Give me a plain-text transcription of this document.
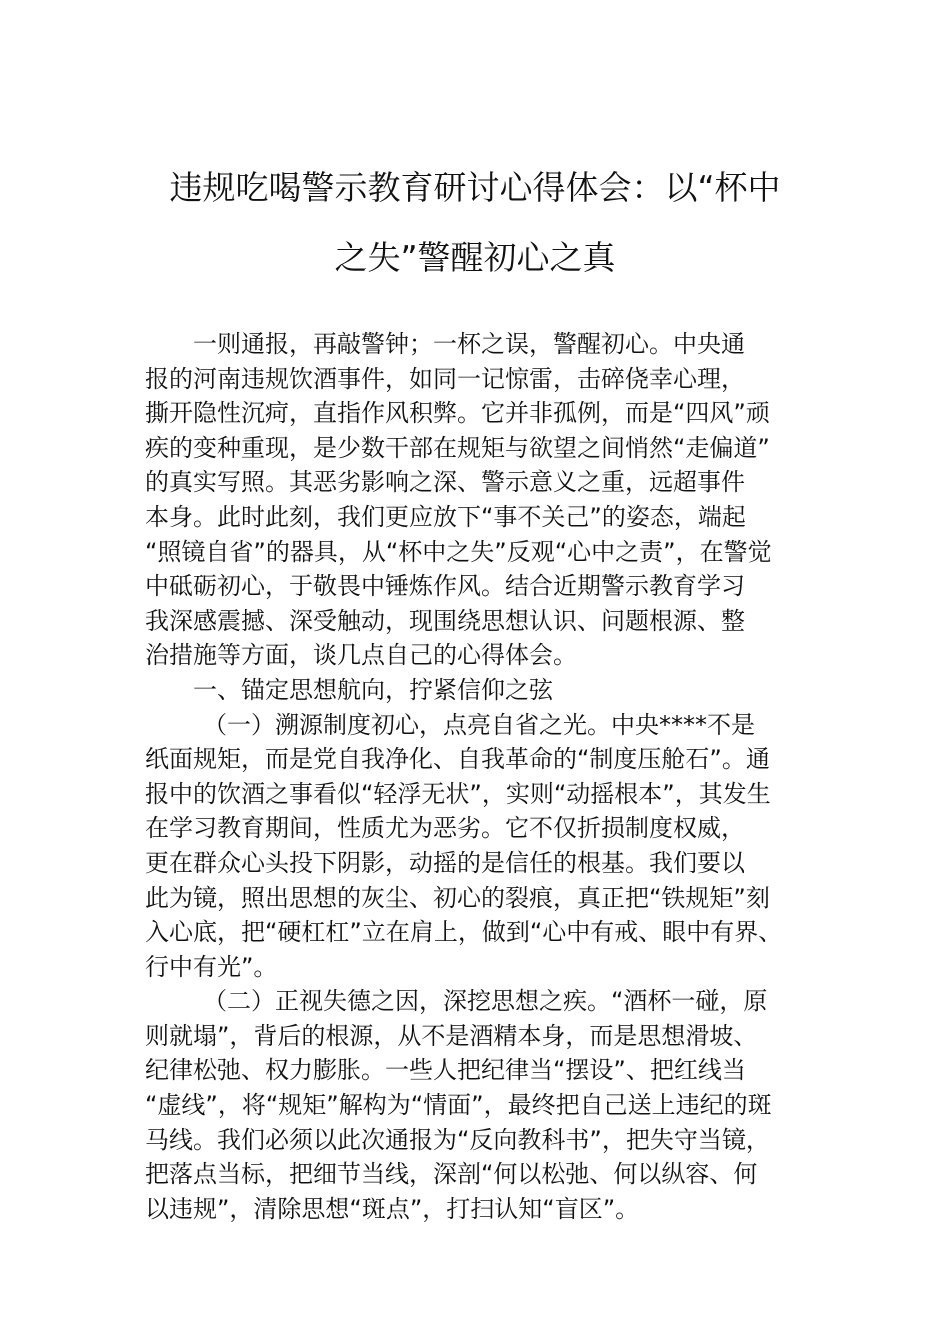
违规吃喝警示教育研讨心得体会：以“杯中
之失”警醒初心之真
一则通报，再敲警钟；一杯之误，警醒初心。中央通
报的河南违规饮酒事件，如同一记惊雷，击碎侥幸心理，
撕开隐性沉疴，直指作风积弊。它并非孤例，而是“四风”顽
疾的变种重现，是少数干部在规矩与欲望之间悄然“走偏道”
的真实写照。其恶劣影响之深、警示意义之重，远超事件
本身。此时此刻，我们更应放下“事不关己”的姿态，端起
“照镜自省”的器具，从“杯中之失”反观“心中之责”，在警觉
中砥砺初心，于敬畏中锤炼作风。结合近期警示教育学习
我深感震撼、深受触动，现围绕思想认识、问题根源、整
治措施等方面，谈几点自己的心得体会。
一、锚定思想航向，拧紧信仰之弦
（一）溯源制度初心，点亮自省之光。中央****不是
纸面规矩，而是党自我净化、自我革命的“制度压舱石”。通
报中的饮酒之事看似“轻浮无状”，实则“动摇根本”，其发生
在学习教育期间，性质尤为恶劣。它不仅折损制度权威，
更在群众心头投下阴影，动摇的是信任的根基。我们要以
此为镜，照出思想的灰尘、初心的裂痕，真正把“铁规矩”刻
入心底，把“硬杠杠”立在肩上，做到“心中有戒、眼中有界、
行中有光”。
（二）正视失德之因，深挖思想之疾。“酒杯一碰，原
则就塌”，背后的根源，从不是酒精本身，而是思想滑坡、
纪律松弛、权力膨胀。一些人把纪律当“摆设”、把红线当
“虚线”，将“规矩”解构为“情面”，最终把自己送上违纪的斑
马线。我们必须以此次通报为“反向教科书”，把失守当镜，
把落点当标，把细节当线，深剖“何以松弛、何以纵容、何
以违规”，清除思想“斑点”，打扫认知“盲区”。
